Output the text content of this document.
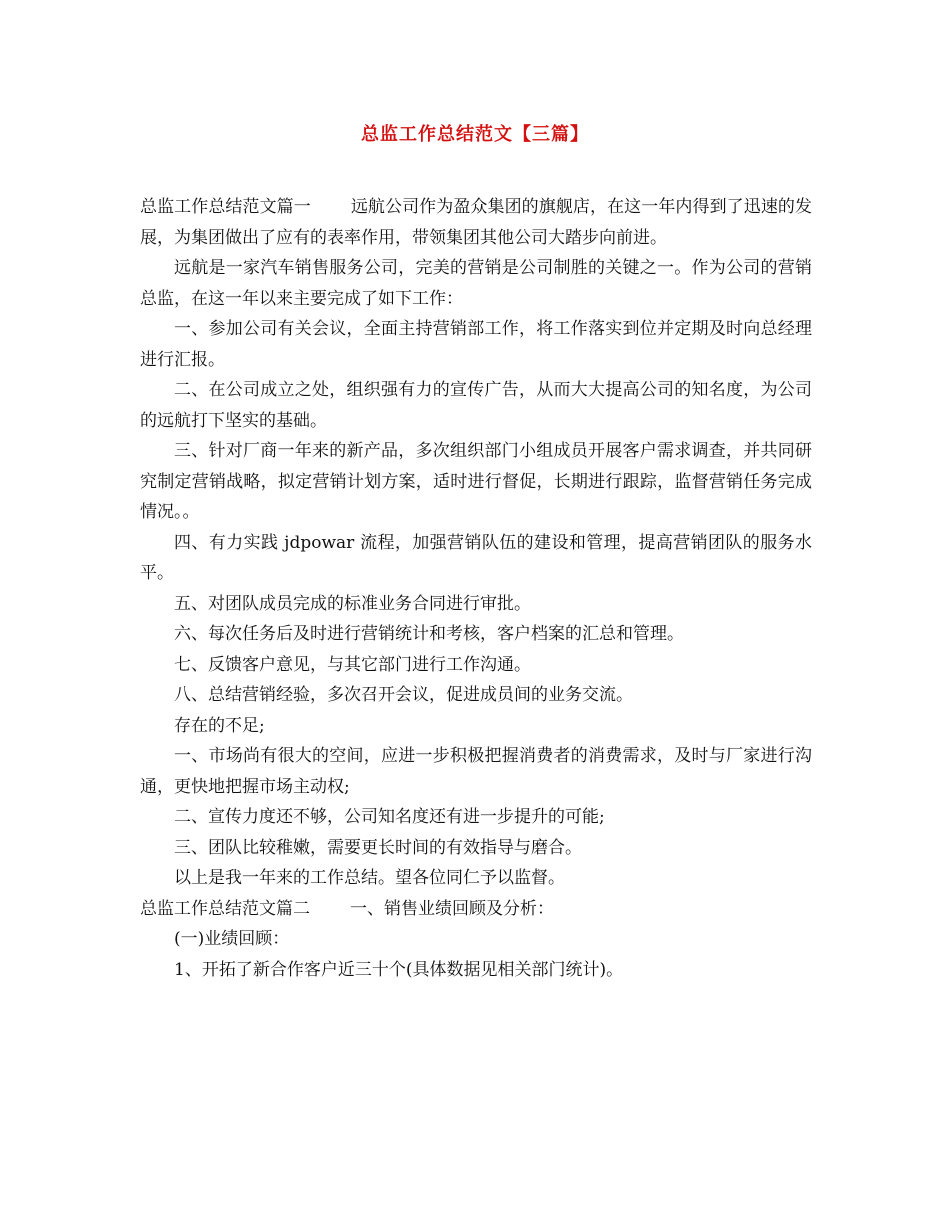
总监工作总结范文【三篇】

总监工作总结范文篇一 远航公司作为盈众集团的旗舰店，在这一年内得到了迅速的发展，为集团做出了应有的表率作用，带领集团其他公司大踏步向前进。

远航是一家汽车销售服务公司，完美的营销是公司制胜的关键之一。作为公司的营销总监，在这一年以来主要完成了如下工作：

一、参加公司有关会议，全面主持营销部工作，将工作落实到位并定期及时向总经理进行汇报。

二、在公司成立之处，组织强有力的宣传广告，从而大大提高公司的知名度，为公司的远航打下坚实的基础。

三、针对厂商一年来的新产品，多次组织部门小组成员开展客户需求调查，并共同研究制定营销战略，拟定营销计划方案，适时进行督促，长期进行跟踪，监督营销任务完成情况。。

四、有力实践 jdpowar 流程，加强营销队伍的建设和管理，提高营销团队的服务水平。

五、对团队成员完成的标准业务合同进行审批。

六、每次任务后及时进行营销统计和考核，客户档案的汇总和管理。

七、反馈客户意见，与其它部门进行工作沟通。

八、总结营销经验，多次召开会议，促进成员间的业务交流。

存在的不足;

一、市场尚有很大的空间，应进一步积极把握消费者的消费需求，及时与厂家进行沟通，更快地把握市场主动权;

二、宣传力度还不够，公司知名度还有进一步提升的可能;

三、团队比较稚嫩，需要更长时间的有效指导与磨合。

以上是我一年来的工作总结。望各位同仁予以监督。

总监工作总结范文篇二 一、销售业绩回顾及分析：

(一)业绩回顾：

1、开拓了新合作客户近三十个(具体数据见相关部门统计)。
